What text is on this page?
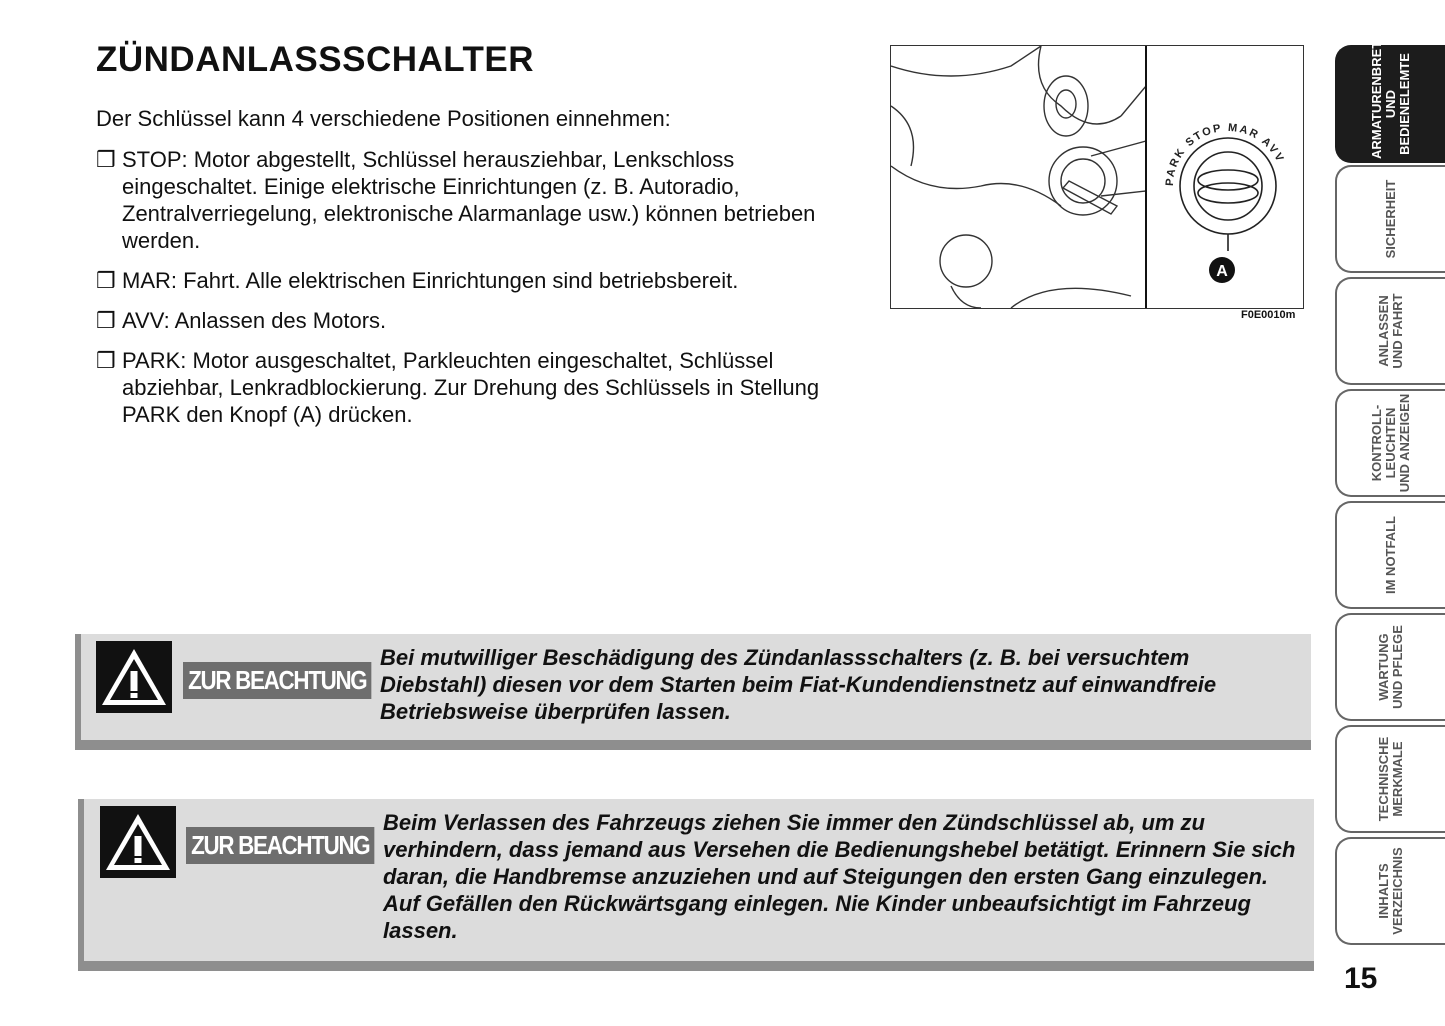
ZÜNDANLASSSCHALTER
Der Schlüssel kann 4 verschiedene Positionen einnehmen:
❒ STOP: Motor abgestellt, Schlüssel herausziehbar, Lenkschloss eingeschaltet. Einige elektrische Einrichtungen (z. B. Autoradio, Zentralverriegelung, elektronische Alarmanlage usw.) können betrieben werden.
❒ MAR: Fahrt. Alle elektrischen Einrichtungen sind betriebsbereit.
❒ AVV: Anlassen des Motors.
❒ PARK: Motor ausgeschaltet, Parkleuchten eingeschaltet, Schlüssel abziehbar, Lenkradblockierung. Zur Drehung des Schlüssels in Stellung PARK den Knopf (A) drücken.
PARK STOP MAR AVV
A
F0E0010m
ZUR BEACHTUNG
Bei mutwilliger Beschädigung des Zündanlassschalters (z. B. bei versuchtem Diebstahl) diesen vor dem Starten beim Fiat-Kundendienstnetz auf einwandfreie Betriebsweise überprüfen lassen.
ZUR BEACHTUNG
Beim Verlassen des Fahrzeugs ziehen Sie immer den Zündschlüssel ab, um zu verhindern, dass jemand aus Versehen die Bedienungshebel betätigt. Erinnern Sie sich daran, die Handbremse anzuziehen und auf Steigungen den ersten Gang einzulegen. Auf Gefällen den Rückwärtsgang einlegen. Nie Kinder unbeaufsichtigt im Fahrzeug lassen.
ARMATURENBRETT UND BEDIENELEMTE
SICHERHEIT
ANLASSEN UND FAHRT
KONTROLL- LEUCHTEN UND ANZEIGEN
IM NOTFALL
WARTUNG UND PFLEGE
TECHNISCHE MERKMALE
INHALTS VERZEICHNIS
15
